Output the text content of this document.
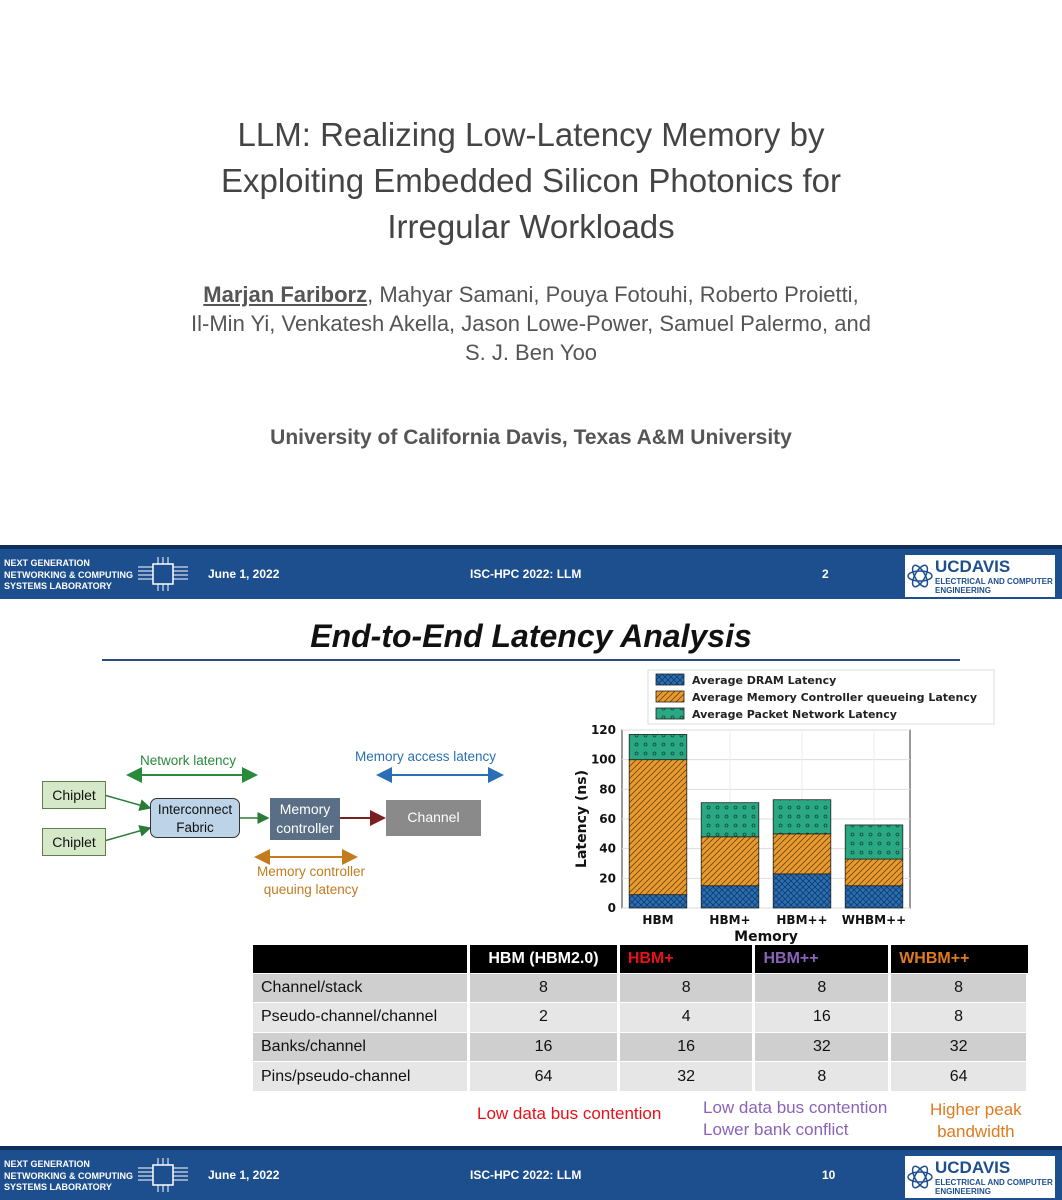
LLM: Realizing Low-Latency Memory by
Exploiting Embedded Silicon Photonics for
Irregular Workloads
Marjan Fariborz, Mahyar Samani, Pouya Fotouhi, Roberto Proietti,
Il-Min Yi, Venkatesh Akella, Jason Lowe-Power, Samuel Palermo, and
S. J. Ben Yoo
University of California Davis, Texas A&M University
NEXT GENERATION
NETWORKING & COMPUTING
SYSTEMS LABORATORY
June 1, 2022	ISC-HPC 2022: LLM	2	UCDAVIS
ELECTRICAL AND COMPUTER
ENGINEERING
End-to-End Latency Analysis
Network latency	Memory access latency
Chiplet
Chiplet
Interconnect
Fabric
Memory
controller
Channel
Memory controller
queuing latency
0
20
40
60
80
100
120
HBM	HBM+ HBM++ WHBM++
Memory
Latency (ns)
Average DRAM Latency
Average Memory Controller queueing Latency
Average Packet Network Latency
	HBM (HBM2.0)	HBM+	HBM++	WHBM++
Channel/stack	8	8	8	8
Pseudo-channel/channel	2	4	16	8
Banks/channel	16	16	32	32
Pins/pseudo-channel	64	32	8	64
Low data bus contention Low data bus contention
Lower bank conflict
Higher peak
bandwidth
NEXT GENERATION
NETWORKING & COMPUTING
SYSTEMS LABORATORY
June 1, 2022	ISC-HPC 2022: LLM	10	UCDAVIS
ELECTRICAL AND COMPUTER
ENGINEERING
